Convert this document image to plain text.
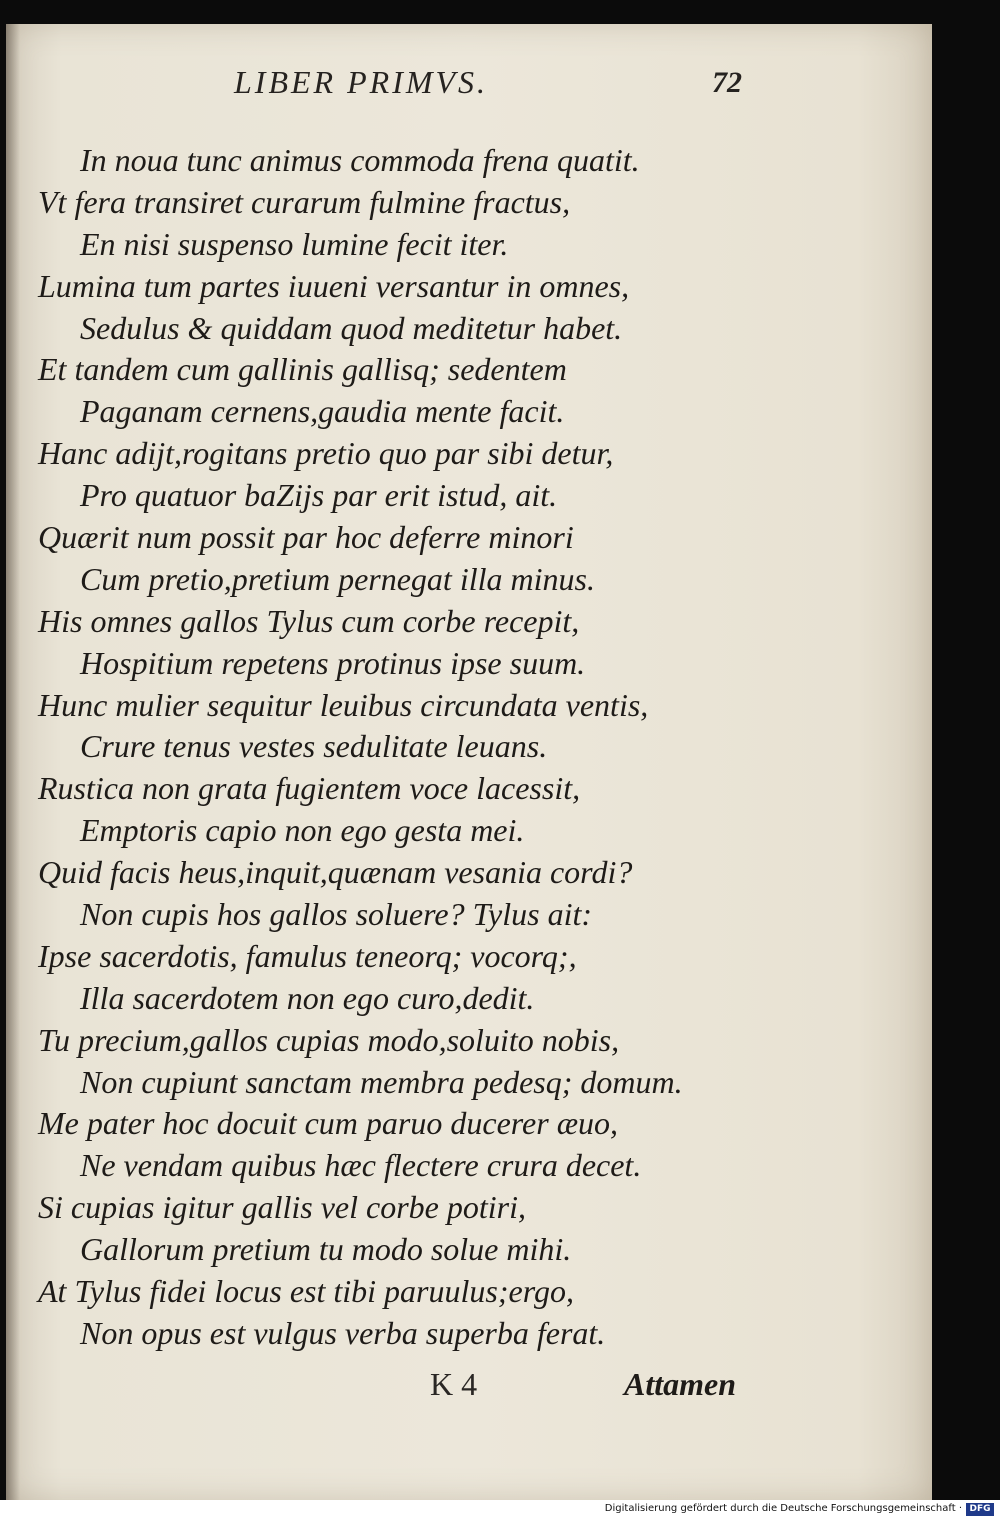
LIBER PRIMVS.	72
In noua tunc animus commoda frena quatit.
Vt fera transiret curarum fulmine fractus,
En nisi suspenso lumine fecit iter.
Lumina tum partes iuueni versantur in omnes,
Sedulus & quiddam quod meditetur habet.
Et tandem cum gallinis gallisq; sedentem
Paganam cernens,gaudia mente facit.
Hanc adijt,rogitans pretio quo par sibi detur,
Pro quatuor baZijs par erit istud, ait.
Quærit num possit par hoc deferre minori
Cum pretio,pretium pernegat illa minus.
His omnes gallos Tylus cum corbe recepit,
Hospitium repetens protinus ipse suum.
Hunc mulier sequitur leuibus circundata ventis,
Crure tenus vestes sedulitate leuans.
Rustica non grata fugientem voce lacessit,
Emptoris capio non ego gesta mei.
Quid facis heus,inquit,quænam vesania cordi?
Non cupis hos gallos soluere? Tylus ait:
Ipse sacerdotis, famulus teneorq; vocorq;,
Illa sacerdotem non ego curo,dedit.
Tu precium,gallos cupias modo,soluito nobis,
Non cupiunt sanctam membra pedesq; domum.
Me pater hoc docuit cum paruo ducerer æuo,
Ne vendam quibus hæc flectere crura decet.
Si cupias igitur gallis vel corbe potiri,
Gallorum pretium tu modo solue mihi.
At Tylus fidei locus est tibi paruulus;ergo,
Non opus est vulgus verba superba ferat.
K 4	Attamen
Digitalisierung gefördert durch die Deutsche Forschungsgemeinschaft · DFG
